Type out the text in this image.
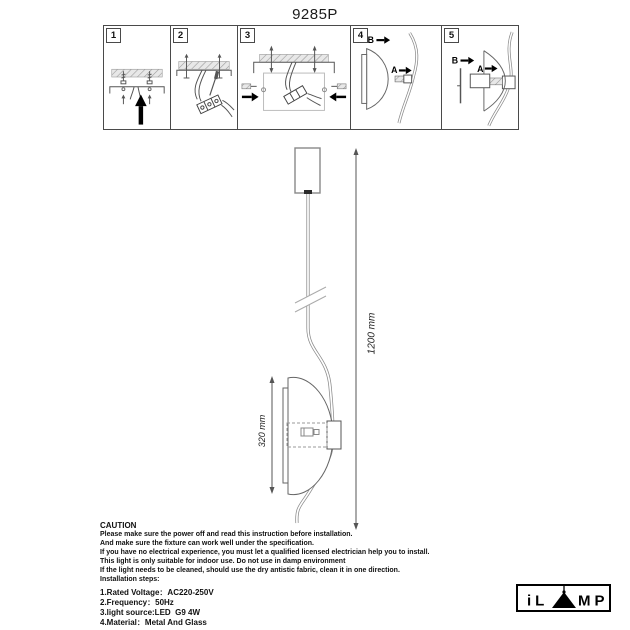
9285P
1	2	3	4 B
A
5
B
A
1200 mm
320 mm
CAUTION
Please make sure the power off and read this instruction before installation.
And make sure the fixture can work well under the specification.
If you have no electrical experience, you must let a qualified licensed electrician help you to install.
This light is only suitable for indoor use. Do not use in damp environment
If the light needs to be cleaned, should use the dry antistic fabric, clean it in one direction.
Installation steps:
1.Rated Voltage：AC220-250V
2.Frequency：50Hz
3.light source:LED  G9 4W
4.Material：Metal And Glass
iL MP
